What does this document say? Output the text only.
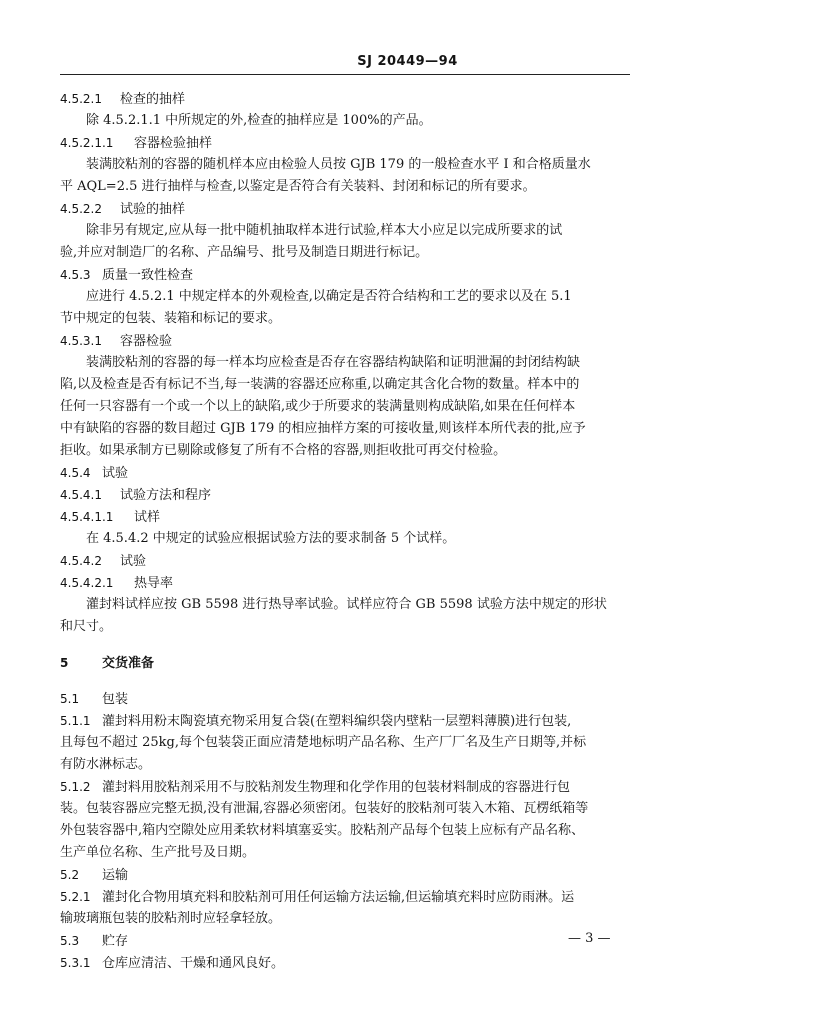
SJ 20449—94
4.5.2.1 检查的抽样
除 4.5.2.1.1 中所规定的外,检查的抽样应是 100%的产品。
4.5.2.1.1 容器检验抽样
装满胶粘剂的容器的随机样本应由检验人员按 GJB 179 的一般检查水平 I 和合格质量水
平 AQL=2.5 进行抽样与检查,以鉴定是否符合有关装料、封闭和标记的所有要求。
4.5.2.2 试验的抽样
除非另有规定,应从每一批中随机抽取样本进行试验,样本大小应足以完成所要求的试
验,并应对制造厂的名称、产品编号、批号及制造日期进行标记。
4.5.3 质量一致性检查
应进行 4.5.2.1 中规定样本的外观检查,以确定是否符合结构和工艺的要求以及在 5.1
节中规定的包装、装箱和标记的要求。
4.5.3.1 容器检验
装满胶粘剂的容器的每一样本均应检查是否存在容器结构缺陷和证明泄漏的封闭结构缺
陷,以及检查是否有标记不当,每一装满的容器还应称重,以确定其含化合物的数量。样本中的
任何一只容器有一个或一个以上的缺陷,或少于所要求的装满量则构成缺陷,如果在任何样本
中有缺陷的容器的数目超过 GJB 179 的相应抽样方案的可接收量,则该样本所代表的批,应予
拒收。如果承制方已剔除或修复了所有不合格的容器,则拒收批可再交付检验。
4.5.4 试验
4.5.4.1 试验方法和程序
4.5.4.1.1 试样
在 4.5.4.2 中规定的试验应根据试验方法的要求制备 5 个试样。
4.5.4.2 试验
4.5.4.2.1 热导率
灌封料试样应按 GB 5598 进行热导率试验。试样应符合 GB 5598 试验方法中规定的形状
和尺寸。
5	交货准备
5.1 包装
5.1.1 灌封料用粉末陶瓷填充物采用复合袋(在塑料编织袋内壁粘一层塑料薄膜)进行包装,
且每包不超过 25kg,每个包装袋正面应清楚地标明产品名称、生产厂厂名及生产日期等,并标
有防水淋标志。
5.1.2 灌封料用胶粘剂采用不与胶粘剂发生物理和化学作用的包装材料制成的容器进行包
装。包装容器应完整无损,没有泄漏,容器必须密闭。包装好的胶粘剂可装入木箱、瓦楞纸箱等
外包装容器中,箱内空隙处应用柔软材料填塞妥实。胶粘剂产品每个包装上应标有产品名称、
生产单位名称、生产批号及日期。
5.2 运输
5.2.1 灌封化合物用填充料和胶粘剂可用任何运输方法运输,但运输填充料时应防雨淋。运
输玻璃瓶包装的胶粘剂时应轻拿轻放。
5.3 贮存
5.3.1 仓库应清洁、干燥和通风良好。
— 3 —
